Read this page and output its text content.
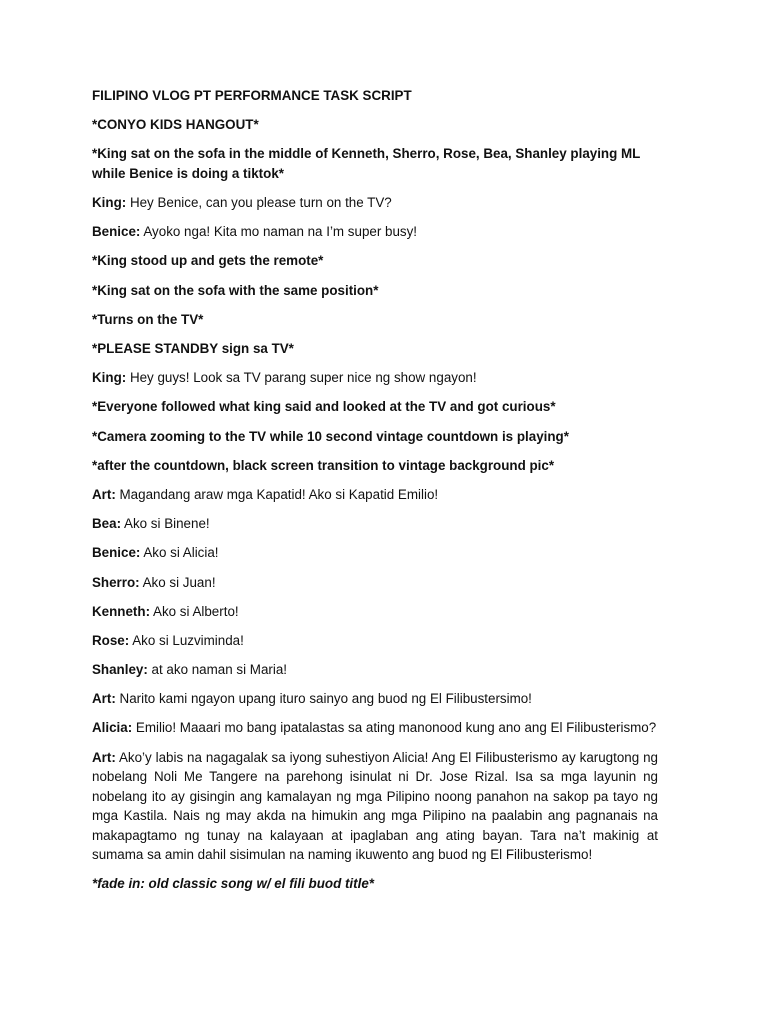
FILIPINO VLOG PT PERFORMANCE TASK SCRIPT

*CONYO KIDS HANGOUT*

*King sat on the sofa in the middle of Kenneth, Sherro, Rose, Bea, Shanley playing ML while Benice is doing a tiktok*

King: Hey Benice, can you please turn on the TV?

Benice: Ayoko nga! Kita mo naman na I’m super busy!

*King stood up and gets the remote*

*King sat on the sofa with the same position*

*Turns on the TV*

*PLEASE STANDBY sign sa TV*

King: Hey guys! Look sa TV parang super nice ng show ngayon!

*Everyone followed what king said and looked at the TV and got curious*

*Camera zooming to the TV while 10 second vintage countdown is playing*

*after the countdown, black screen transition to vintage background pic*

Art: Magandang araw mga Kapatid! Ako si Kapatid Emilio!

Bea: Ako si Binene!

Benice: Ako si Alicia!

Sherro: Ako si Juan!

Kenneth: Ako si Alberto!

Rose: Ako si Luzviminda!

Shanley: at ako naman si Maria!

Art: Narito kami ngayon upang ituro sainyo ang buod ng El Filibustersimo!

Alicia: Emilio! Maaari mo bang ipatalastas sa ating manonood kung ano ang El Filibusterismo?

Art: Ako’y labis na nagagalak sa iyong suhestiyon Alicia! Ang El Filibusterismo ay karugtong ng nobelang Noli Me Tangere na parehong isinulat ni Dr. Jose Rizal. Isa sa mga layunin ng nobelang ito ay gisingin ang kamalayan ng mga Pilipino noong panahon na sakop pa tayo ng mga Kastila. Nais ng may akda na himukin ang mga Pilipino na paalabin ang pagnanais na makapagtamo ng tunay na kalayaan at ipaglaban ang ating bayan. Tara na’t makinig at sumama sa amin dahil sisimulan na naming ikuwento ang buod ng El Filibusterismo!

*fade in: old classic song w/ el fili buod title*
